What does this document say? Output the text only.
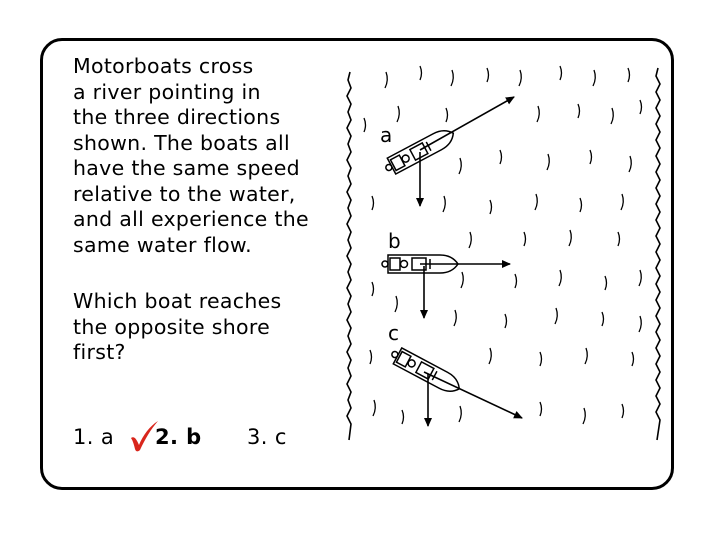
Motorboats cross
a river pointing in
the three directions
shown. The boats all
have the same speed
relative to the water,
and all experience the
same water flow.
Which boat reaches
the opposite shore
first?
1. a 2. b 3. c
a
b
c
